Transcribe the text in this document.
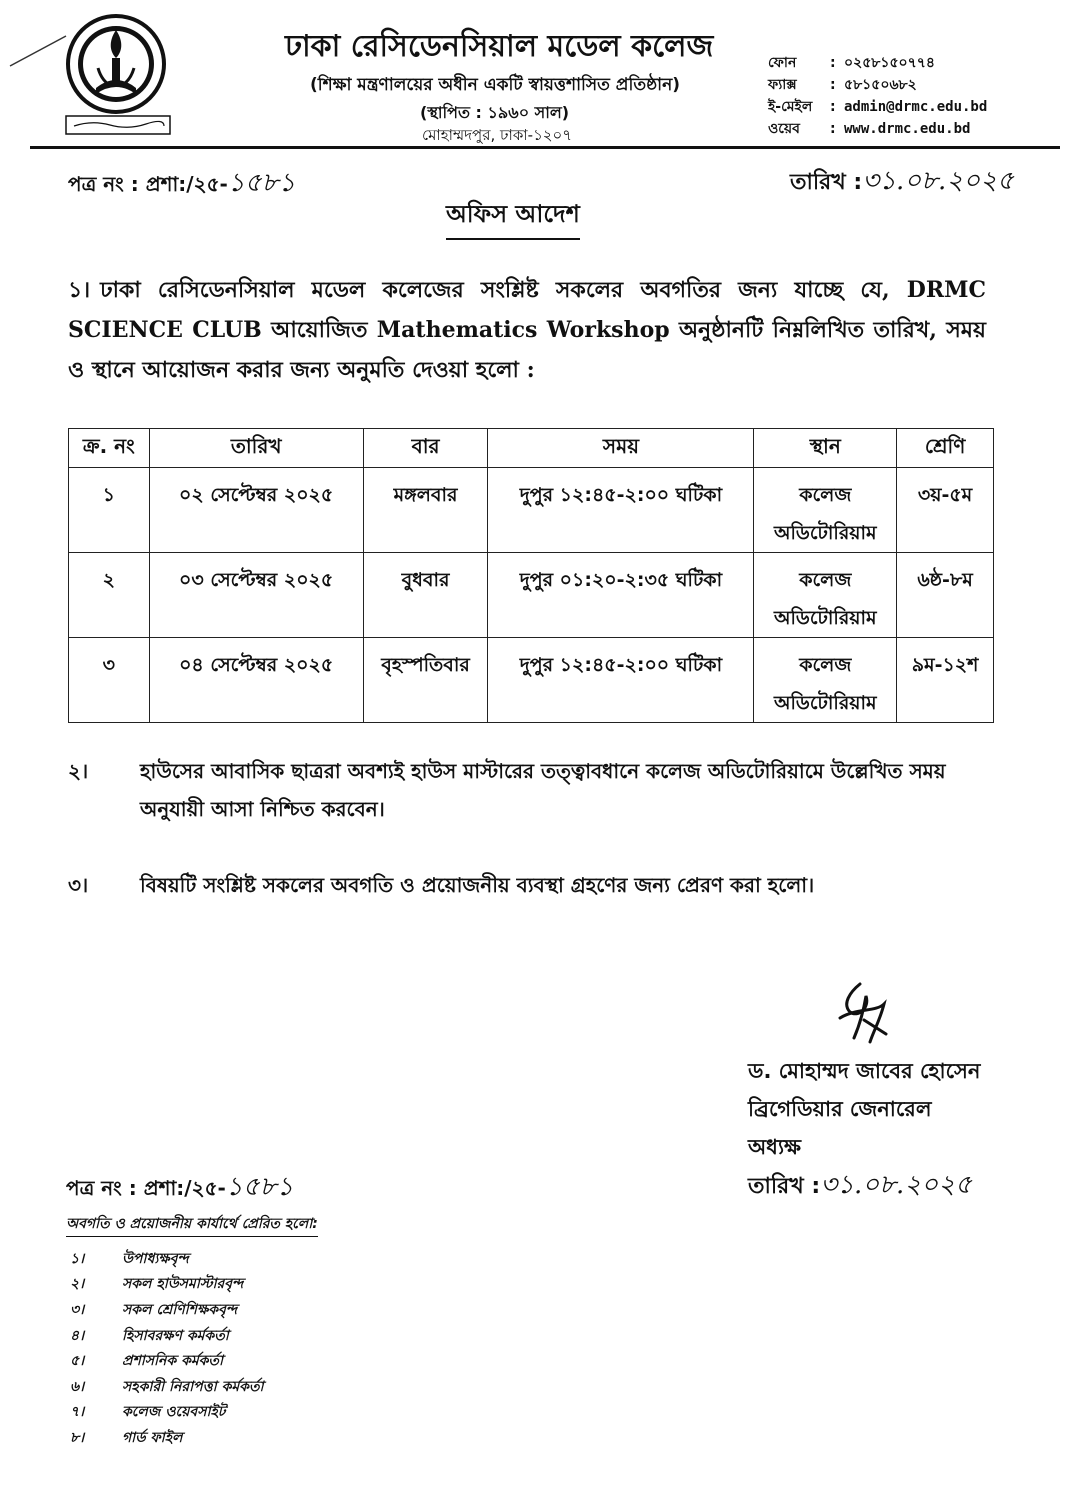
ঢাকা রেসিডেনসিয়াল মডেল কলেজ
(শিক্ষা মন্ত্রণালয়ের অধীন একটি স্বায়ত্তশাসিত প্রতিষ্ঠান)
(স্থাপিত : ১৯৬০ সাল)
মোহাম্মদপুর, ঢাকা-১২০৭
ফোন	: ০২৫৮১৫০৭৭৪
ফ্যাক্স	: ৫৮১৫০৬৮২
ই-মেইল	: admin@drmc.edu.bd
ওয়েব	: www.drmc.edu.bd
পত্র নং : প্রশা:/২৫-১৫৮১	তারিখ :৩১.০৮.২০২৫
অফিস আদেশ
১। ঢাকা রেসিডেনসিয়াল মডেল কলেজের সংশ্লিষ্ট সকলের অবগতির জন্য যাচ্ছে যে, DRMC SCIENCE CLUB আয়োজিত Mathematics Workshop অনুষ্ঠানটি নিম্নলিখিত তারিখ, সময় ও স্থানে আয়োজন করার জন্য অনুমতি দেওয়া হলো :
ক্র. নং	তারিখ	বার	সময়	স্থান	শ্রেণি

১	০২ সেপ্টেম্বর ২০২৫	মঙ্গলবার	দুপুর ১২:৪৫-২:০০ ঘটিকা	কলেজ
অডিটোরিয়াম	৩য়-৫ম

২	০৩ সেপ্টেম্বর ২০২৫	বুধবার	দুপুর ০১:২০-২:৩৫ ঘটিকা	কলেজ
অডিটোরিয়াম	৬ষ্ঠ-৮ম

৩	০৪ সেপ্টেম্বর ২০২৫	বৃহস্পতিবার	দুপুর ১২:৪৫-২:০০ ঘটিকা	কলেজ
অডিটোরিয়াম	৯ম-১২শ
২।	হাউসের আবাসিক ছাত্ররা অবশ্যই হাউস মাস্টারের তত্ত্বাবধানে কলেজ অডিটোরিয়ামে উল্লেখিত সময় অনুযায়ী আসা নিশ্চিত করবেন।
৩।	বিষয়টি সংশ্লিষ্ট সকলের অবগতি ও প্রয়োজনীয় ব্যবস্থা গ্রহণের জন্য প্রেরণ করা হলো।
ড. মোহাম্মদ জাবের হোসেন
ব্রিগেডিয়ার জেনারেল
অধ্যক্ষ
তারিখ :৩১.০৮.২০২৫
পত্র নং : প্রশা:/২৫-১৫৮১
অবগতি ও প্রয়োজনীয় কার্যার্থে প্রেরিত হলো:
১।	উপাধ্যক্ষবৃন্দ
২।	সকল হাউসমাস্টারবৃন্দ
৩।	সকল শ্রেণিশিক্ষকবৃন্দ
৪।	হিসাবরক্ষণ কর্মকর্তা
৫।	প্রশাসনিক কর্মকর্তা
৬।	সহকারী নিরাপত্তা কর্মকর্তা
৭।	কলেজ ওয়েবসাইট
৮।	গার্ড ফাইল
